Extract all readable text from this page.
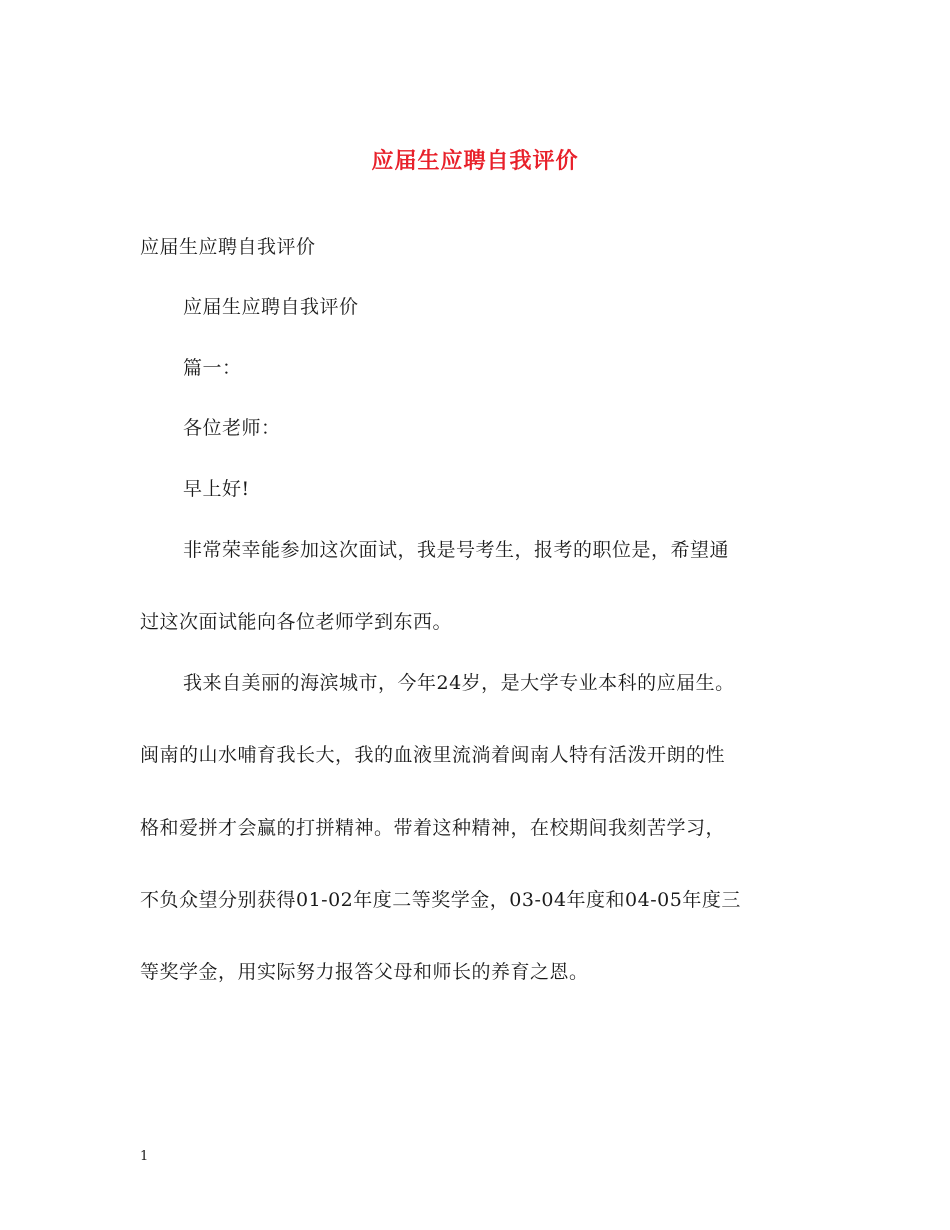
应届生应聘自我评价
应届生应聘自我评价
应届生应聘自我评价
篇一：
各位老师：
早上好!
非常荣幸能参加这次面试，我是号考生，报考的职位是，希望通
过这次面试能向各位老师学到东西。
我来自美丽的海滨城市，今年24岁，是大学专业本科的应届生。
闽南的山水哺育我长大，我的血液里流淌着闽南人特有活泼开朗的性
格和爱拼才会赢的打拼精神。带着这种精神，在校期间我刻苦学习，
不负众望分别获得01-02年度二等奖学金，03-04年度和04-05年度三
等奖学金，用实际努力报答父母和师长的养育之恩。
1
